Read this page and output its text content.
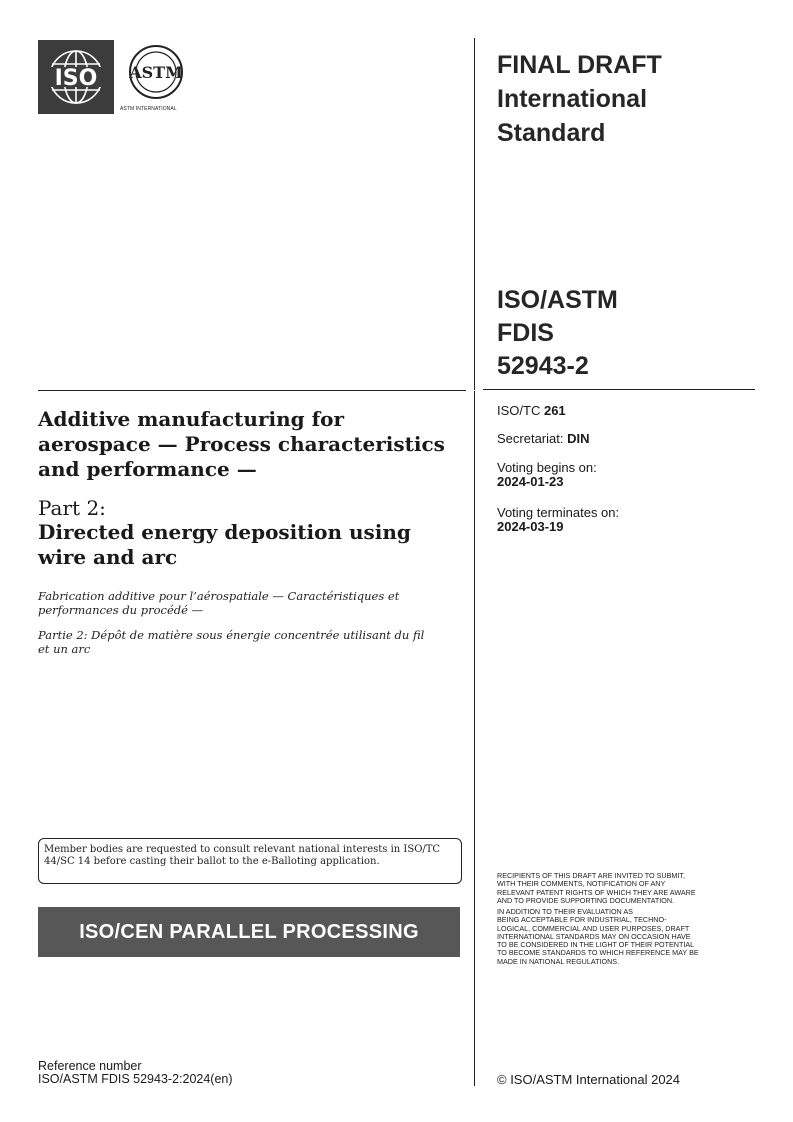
ISO ASTM
ASTM INTERNATIONAL
FINAL DRAFT
International
Standard
ISO/ASTM
FDIS
52943-2
ISO/TC 261
Secretariat: DIN
Voting begins on:
2024-01-23
Voting terminates on:
2024-03-19
Additive manufacturing for
aerospace — Process characteristics
and performance —
Part 2:
Directed energy deposition using
wire and arc
Fabrication additive pour l’aérospatiale — Caractéristiques et
performances du procédé —
Partie 2: Dépôt de matière sous énergie concentrée utilisant du fil
et un arc
Member bodies are requested to consult relevant national interests in ISO/TC
44/SC 14 before casting their ballot to the e-Balloting application.
ISO/CEN PARALLEL PROCESSING
RECIPIENTS OF THIS DRAFT ARE INVITED TO SUBMIT,
WITH THEIR COMMENTS, NOTIFICATION OF ANY
RELEVANT PATENT RIGHTS OF WHICH THEY ARE AWARE
AND TO PROVIDE SUPPORTING DOCUMENTATION.
IN ADDITION TO THEIR EVALUATION AS
BEING ACCEPTABLE FOR INDUSTRIAL, TECHNO-
LOGICAL, COMMERCIAL AND USER PURPOSES, DRAFT
INTERNATIONAL STANDARDS MAY ON OCCASION HAVE
TO BE CONSIDERED IN THE LIGHT OF THEIR POTENTIAL
TO BECOME STANDARDS TO WHICH REFERENCE MAY BE
MADE IN NATIONAL REGULATIONS.
Reference number
ISO/ASTM FDIS 52943-2:2024(en)	© ISO/ASTM International 2024
